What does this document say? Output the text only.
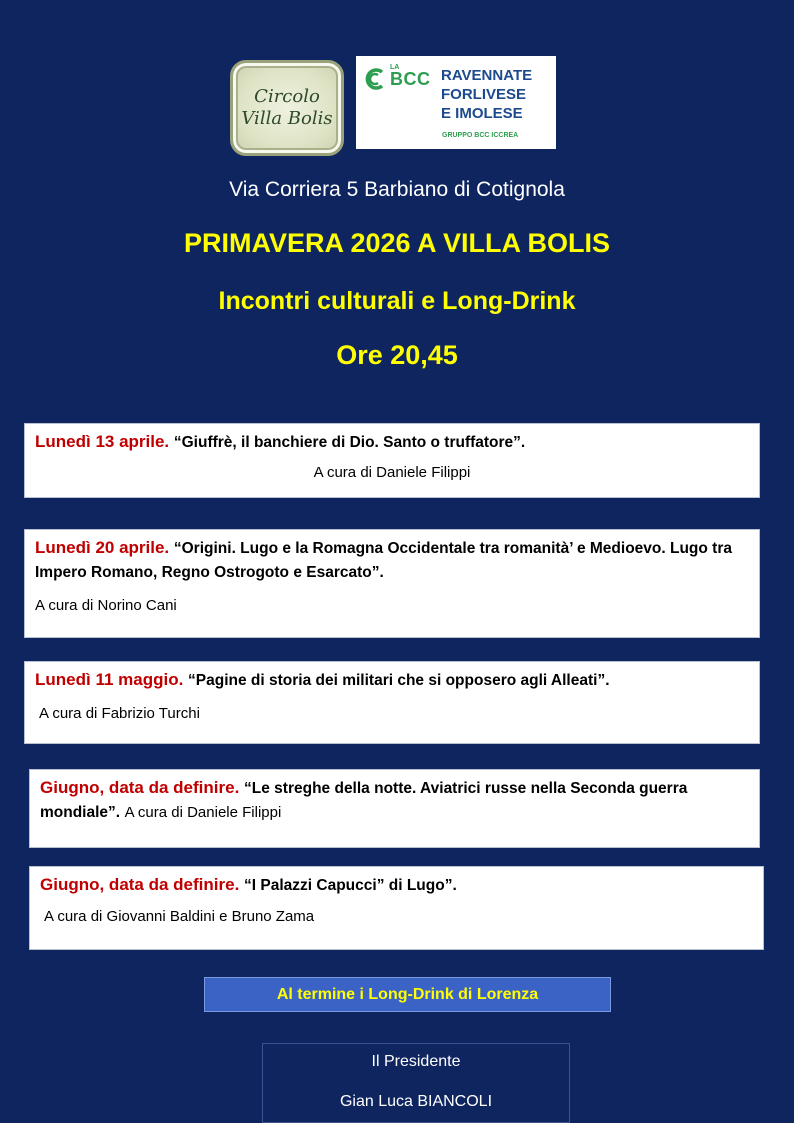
Circolo
Villa Bolis
LA
BCC RAVENNATE
FORLIVESE
E IMOLESE
GRUPPO BCC ICCREA
Via Corriera 5 Barbiano di Cotignola
PRIMAVERA 2026 A VILLA BOLIS
Incontri culturali e Long-Drink
Ore 20,45
Lunedì 13 aprile. “Giuffrè, il banchiere di Dio. Santo o truffatore”.
A cura di Daniele Filippi
Lunedì 20 aprile. “Origini. Lugo e la Romagna Occidentale tra romanità’ e Medioevo. Lugo tra Impero Romano, Regno Ostrogoto e Esarcato”.
A cura di Norino Cani
Lunedì 11 maggio. “Pagine di storia dei militari che si opposero agli Alleati”.
A cura di Fabrizio Turchi
Giugno, data da definire. “Le streghe della notte. Aviatrici russe nella Seconda guerra mondiale”. A cura di Daniele Filippi
Giugno, data da definire. “I Palazzi Capucci” di Lugo”.
A cura di Giovanni Baldini e Bruno Zama
Al termine i Long-Drink di Lorenza
Il Presidente
Gian Luca BIANCOLI
